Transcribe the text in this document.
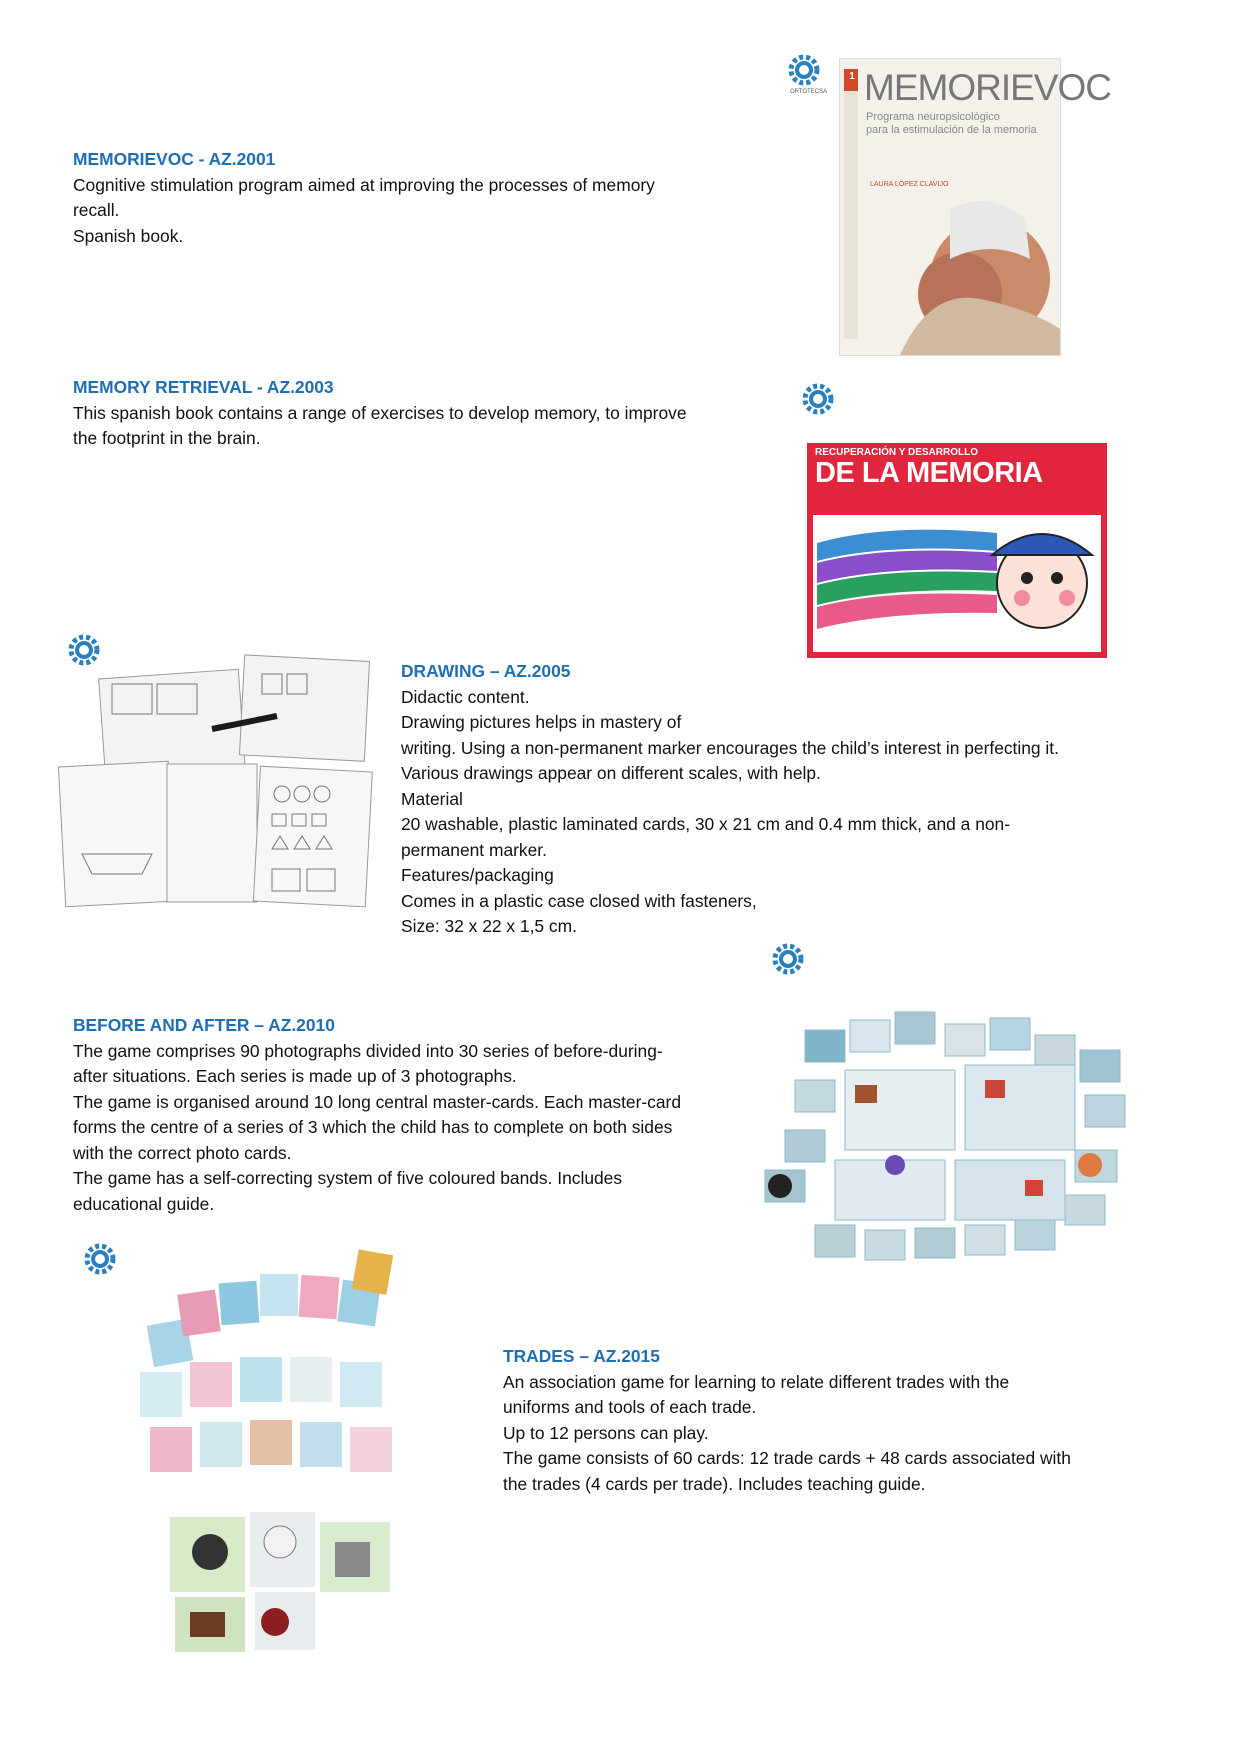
ORTOTECSA

MEMORIEVOC - AZ.2001

Cognitive stimulation program aimed at improving the processes of memory

recall.

Spanish book.

1 MEMORIEVOC
Programa neuropsicológico
para la estimulación de la memoria
LAURA LÓPEZ CLAVIJO

MEMORY RETRIEVAL - AZ.2003

This spanish book contains a range of exercises to develop memory, to improve

the footprint in the brain.

RECUPERACIÓN Y DESARROLLO
DE LA MEMORIA

DRAWING – AZ.2005

Didactic content.

Drawing pictures helps in mastery of

writing. Using a non-permanent marker encourages the child’s interest in perfecting it.

Various drawings appear on different scales, with help.

Material

20 washable, plastic laminated cards, 30 x 21 cm and 0.4 mm thick, and a non-

permanent marker.

Features/packaging

Comes in a plastic case closed with fasteners,

Size: 32 x 22 x 1,5 cm.

BEFORE AND AFTER – AZ.2010

The game comprises 90 photographs divided into 30 series of before-during-

after situations. Each series is made up of 3 photographs.

The game is organised around 10 long central master-cards. Each master-card

forms the centre of a series of 3 which the child has to complete on both sides

with the correct photo cards.

The game has a self-correcting system of five coloured bands. Includes

educational guide.

TRADES – AZ.2015

An association game for learning to relate different trades with the

uniforms and tools of each trade.

Up to 12 persons can play.

The game consists of 60 cards: 12 trade cards + 48 cards associated with

the trades (4 cards per trade). Includes teaching guide.
